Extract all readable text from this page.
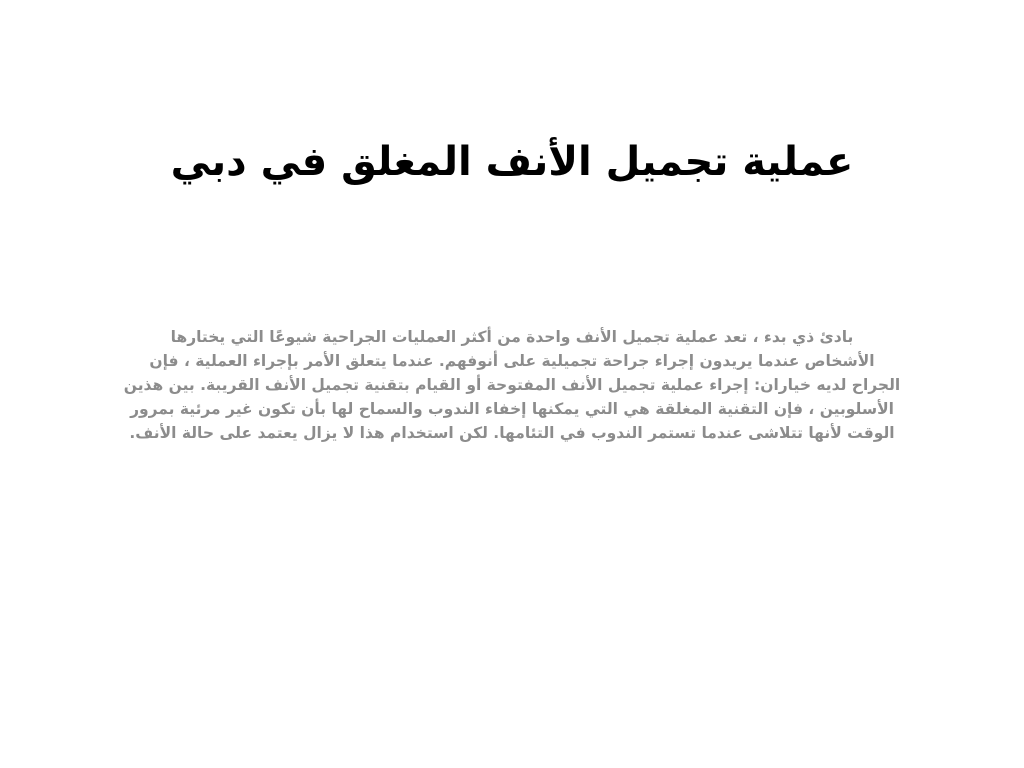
عملية تجميل الأنف المغلق في دبي
بادئ ذي بدء ، تعد عملية تجميل الأنف واحدة من أكثر العمليات الجراحية شيوعًا التي يختارها
الأشخاص عندما يريدون إجراء جراحة تجميلية على أنوفهم. عندما يتعلق الأمر بإجراء العملية ، فإن
الجراح لديه خياران: إجراء عملية تجميل الأنف المفتوحة أو القيام بتقنية تجميل الأنف القريبة. بين هذين
الأسلوبين ، فإن التقنية المغلقة هي التي يمكنها إخفاء الندوب والسماح لها بأن تكون غير مرئية بمرور
الوقت لأنها تتلاشى عندما تستمر الندوب في التئامها. لكن استخدام هذا لا يزال يعتمد على حالة الأنف.
